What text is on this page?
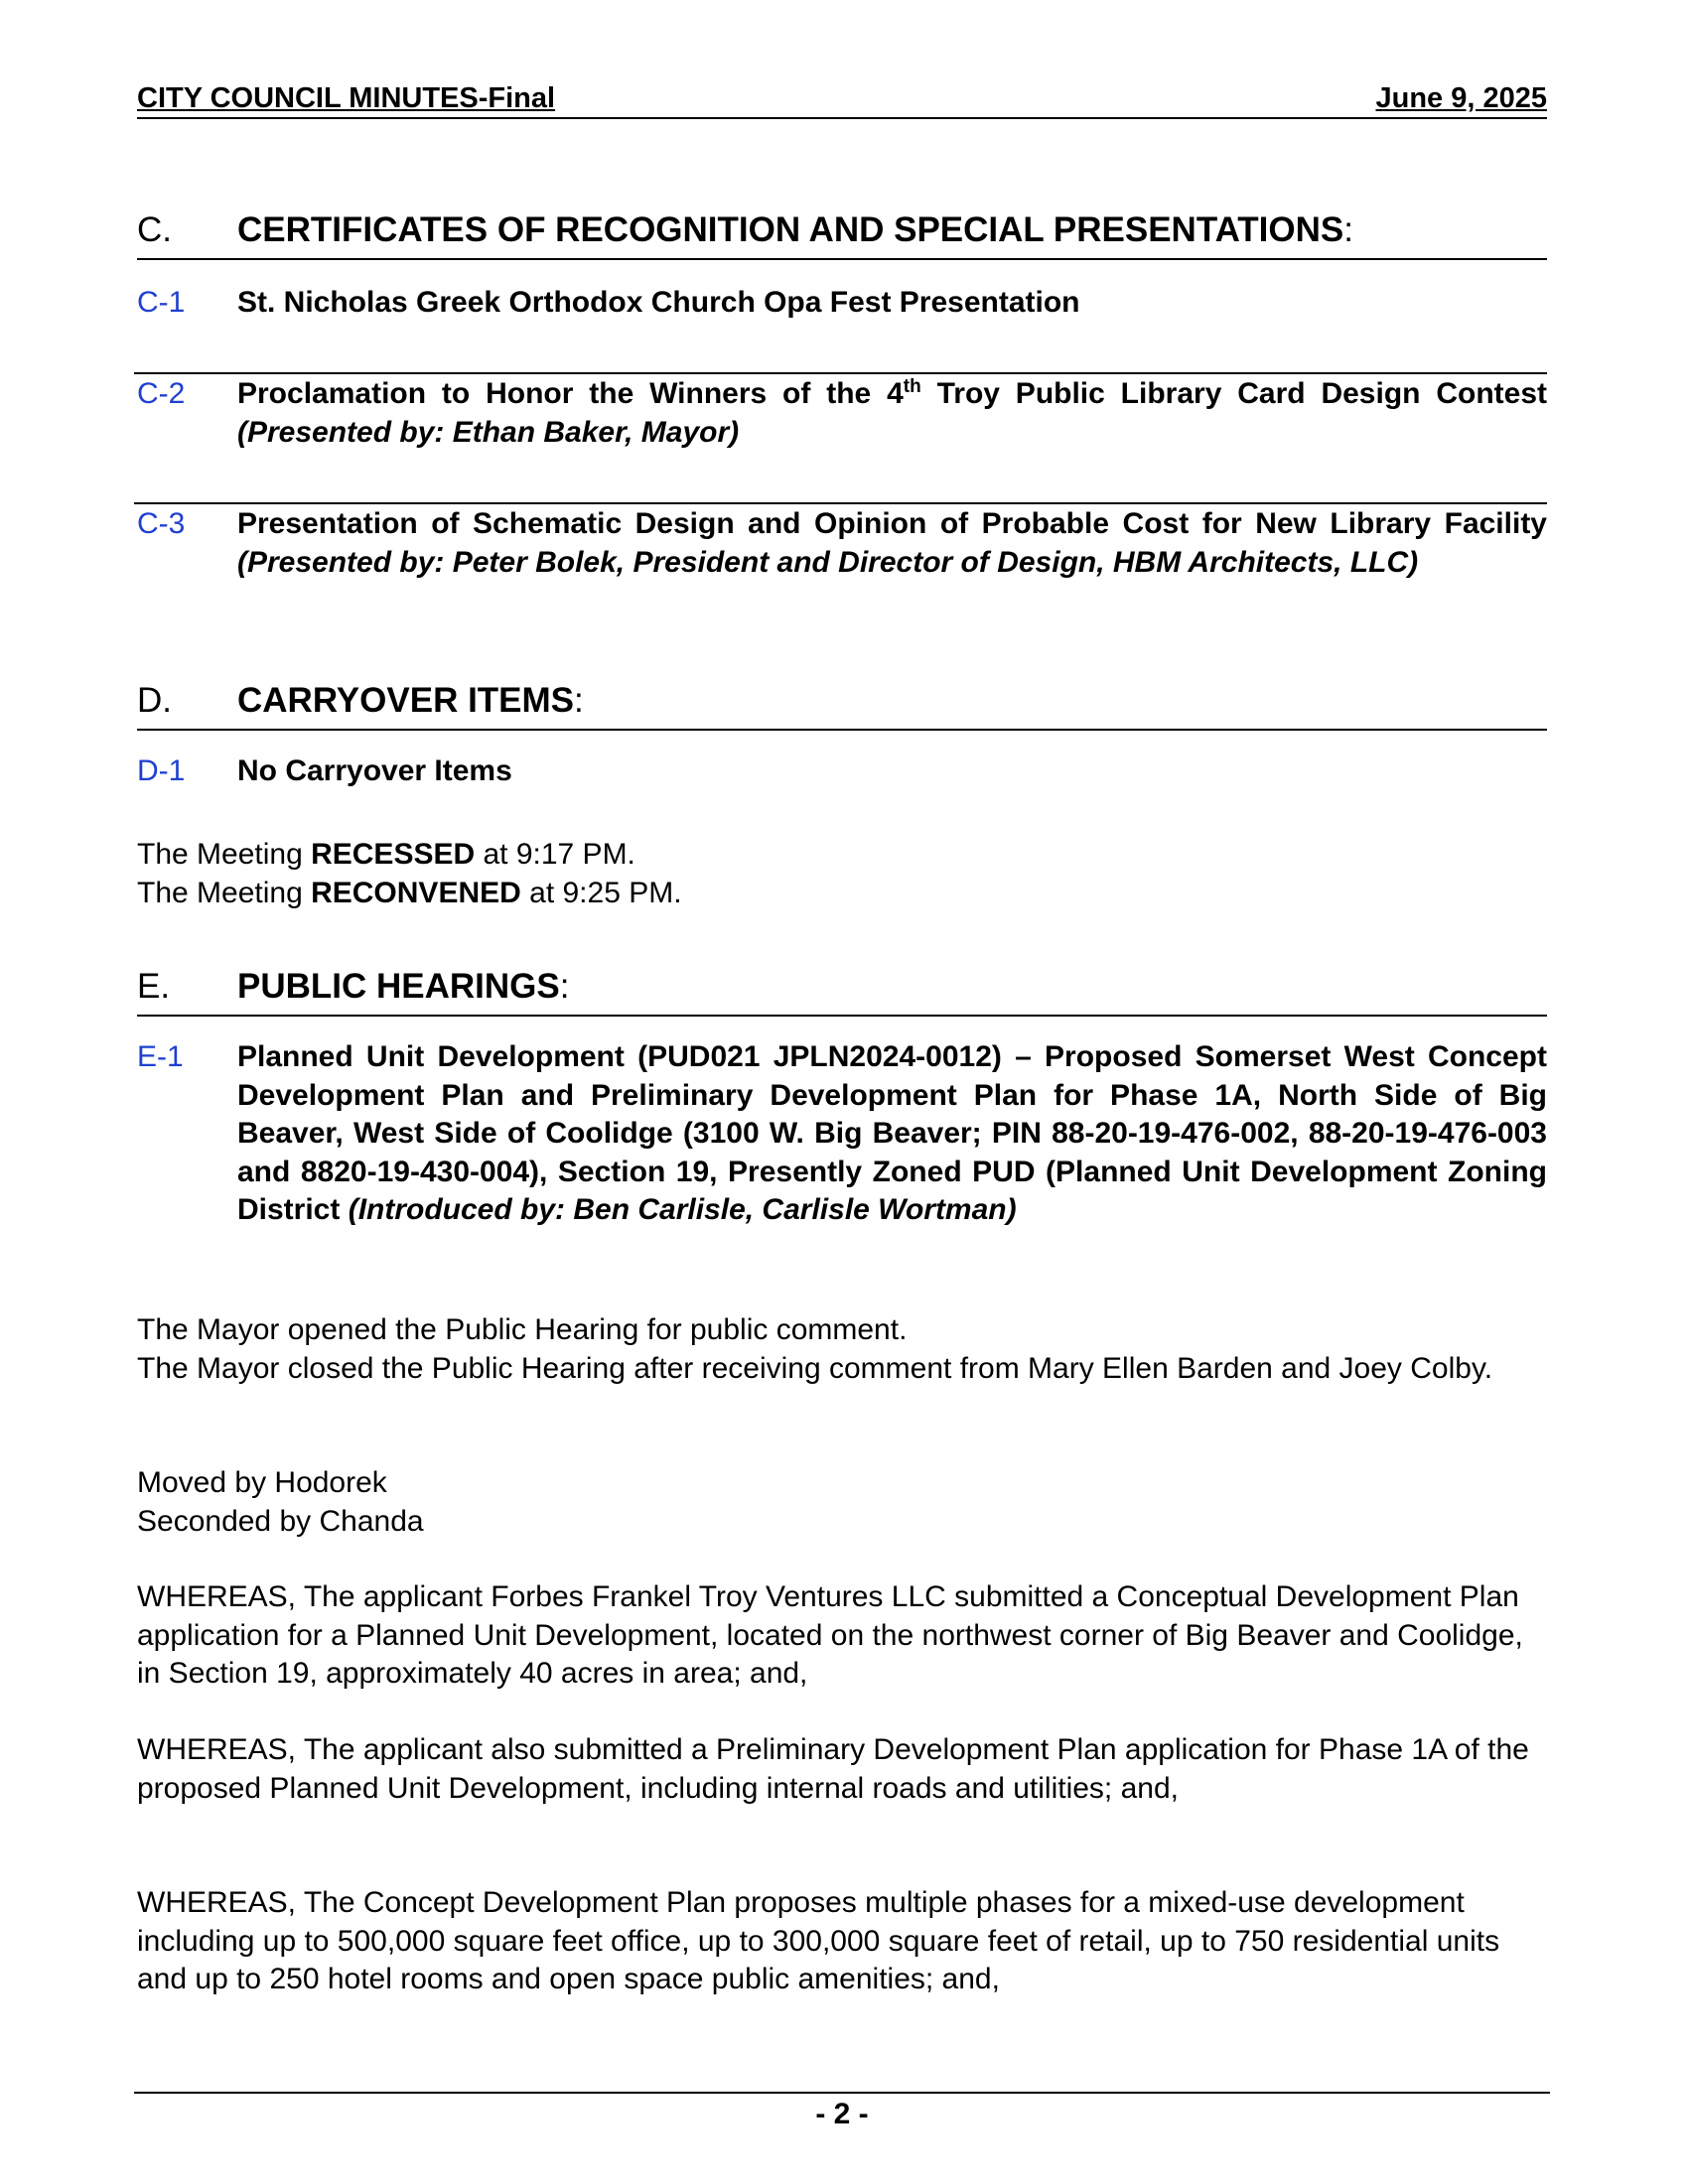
CITY COUNCIL MINUTES-Final	June 9, 2025
C. CERTIFICATES OF RECOGNITION AND SPECIAL PRESENTATIONS:
C-1 St. Nicholas Greek Orthodox Church Opa Fest Presentation
C-2 Proclamation to Honor the Winners of the 4th Troy Public Library Card Design Contest (Presented by: Ethan Baker, Mayor)
C-3 Presentation of Schematic Design and Opinion of Probable Cost for New Library Facility (Presented by: Peter Bolek, President and Director of Design, HBM Architects, LLC)
D. CARRYOVER ITEMS:
D-1 No Carryover Items

The Meeting RECESSED at 9:17 PM.

The Meeting RECONVENED at 9:25 PM.

E. PUBLIC HEARINGS:
E-1 Planned Unit Development (PUD021 JPLN2024-0012) – Proposed Somerset West Concept Development Plan and Preliminary Development Plan for Phase 1A, North Side of Big Beaver, West Side of Coolidge (3100 W. Big Beaver; PIN 88-20-19-476-002, 88-20-19-476-003 and 8820-19-430-004), Section 19, Presently Zoned PUD (Planned Unit Development Zoning District (Introduced by: Ben Carlisle, Carlisle Wortman)

The Mayor opened the Public Hearing for public comment.

The Mayor closed the Public Hearing after receiving comment from Mary Ellen Barden and Joey Colby.

Moved by Hodorek

Seconded by Chanda

WHEREAS, The applicant Forbes Frankel Troy Ventures LLC submitted a Conceptual Development Plan application for a Planned Unit Development, located on the northwest corner of Big Beaver and Coolidge, in Section 19, approximately 40 acres in area; and,
WHEREAS, The applicant also submitted a Preliminary Development Plan application for Phase 1A of the proposed Planned Unit Development, including internal roads and utilities; and,
WHEREAS, The Concept Development Plan proposes multiple phases for a mixed-use development including up to 500,000 square feet office, up to 300,000 square feet of retail, up to 750 residential units and up to 250 hotel rooms and open space public amenities; and,
- 2 -
